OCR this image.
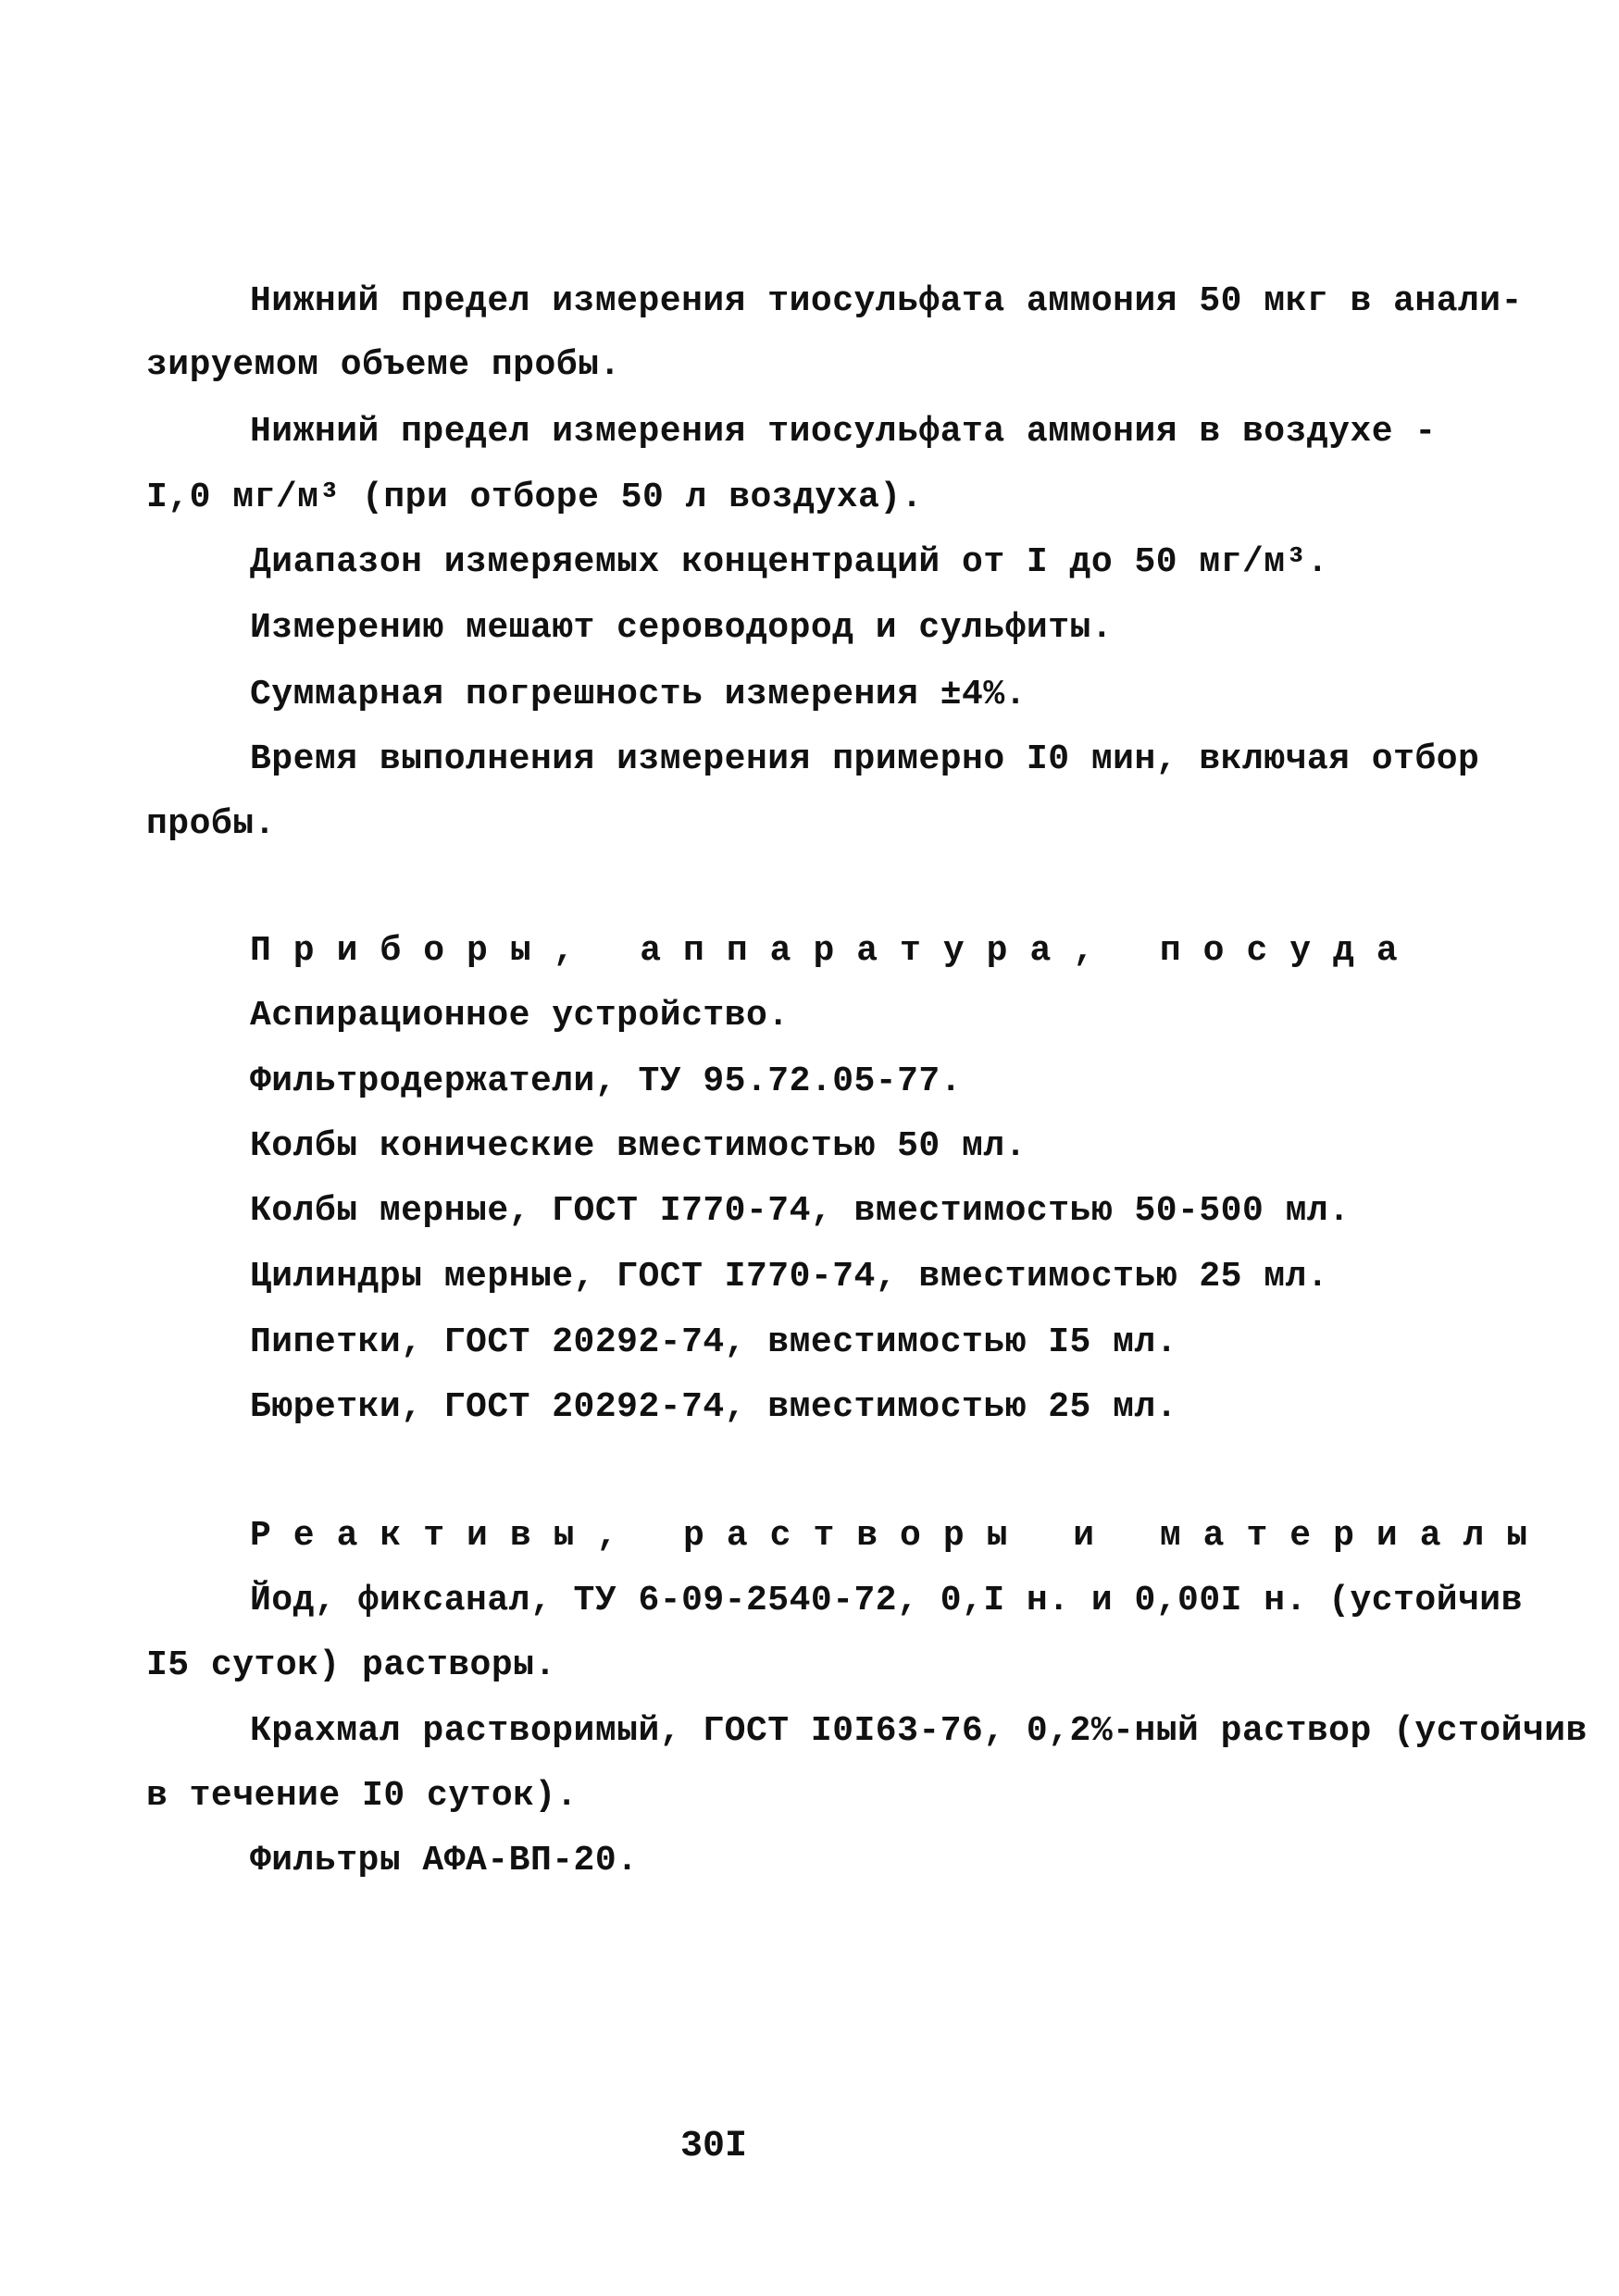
Нижний предел измерения тиосульфата аммония 50 мкг в анали-
зируемом объеме пробы.
Нижний предел измерения тиосульфата аммония в воздухе -
I,0 мг/м³ (при отборе 50 л воздуха).
Диапазон измеряемых концентраций от I до 50 мг/м³.
Измерению мешают сероводород и сульфиты.
Суммарная погрешность измерения ±4%.
Время выполнения измерения примерно I0 мин, включая отбор
пробы.
Приборы, аппаратура, посуда
Аспирационное устройство.
Фильтродержатели, ТУ 95.72.05-77.
Колбы конические вместимостью 50 мл.
Колбы мерные, ГОСТ I770-74, вместимостью 50-500 мл.
Цилиндры мерные, ГОСТ I770-74, вместимостью 25 мл.
Пипетки, ГОСТ 20292-74, вместимостью I5 мл.
Бюретки, ГОСТ 20292-74, вместимостью 25 мл.
Реактивы, растворы и материалы
Йод, фиксанал, ТУ 6-09-2540-72, 0,I н. и 0,00I н. (устойчив
I5 суток) растворы.
Крахмал растворимый, ГОСТ I0I63-76, 0,2%-ный раствор (устойчив
в течение I0 суток).
Фильтры АФА-ВП-20.
30I
